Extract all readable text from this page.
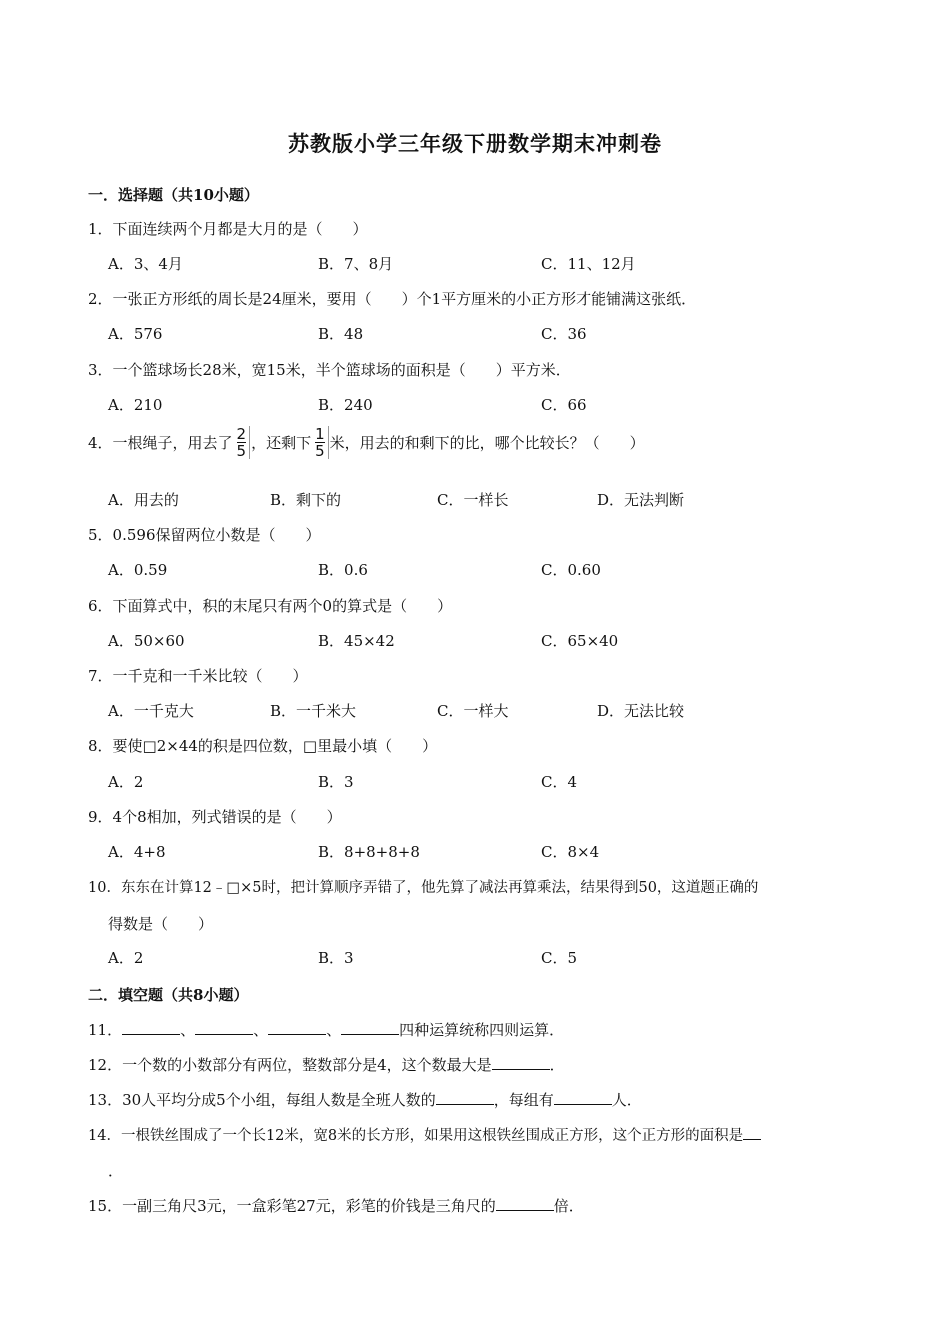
苏教版小学三年级下册数学期末冲刺卷
一．选择题（共10小题）
1．下面连续两个月都是大月的是（　　）
A．3、4月	B．7、8月	C．11、12月
2．一张正方形纸的周长是24厘米，要用（　　）个1平方厘米的小正方形才能铺满这张纸．
A．576	B．48	C．36
3．一个篮球场长28米，宽15米，半个篮球场的面积是（　　）平方米．
A．210	B．240	C．66
4．一根绳子，用去了 $\frac{2}{5}$ ，还剩下 $\frac{1}{5}$ 米，用去的和剩下的比，哪个比较长？（　　）
A．用去的	B．剩下的	C．一样长	D．无法判断
5．0.596保留两位小数是（　　）
A．0.59	B．0.6	C．0.60
6．下面算式中，积的末尾只有两个0的算式是（　　）
A．50×60	B．45×42	C．65×40
7．一千克和一千米比较（　　）
A．一千克大	B．一千米大	C．一样大	D．无法比较
8．要使□2×44的积是四位数，□里最小填（　　）
A．2	B．3	C．4
9．4个8相加，列式错误的是（　　）
A．4+8	B．8+8+8+8	C．8×4
10．东东在计算12﹣□×5时，把计算顺序弄错了，他先算了减法再算乘法，结果得到50，这道题正确的
得数是（　　）
A．2	B．3	C．5
二．填空题（共8小题）
11．	、	、	、	四种运算统称四则运算．
12．一个数的小数部分有两位，整数部分是4，这个数最大是	．
13．30人平均分成5个小组，每组人数是全班人数的	，每组有	人．
14．一根铁丝围成了一个长12米，宽8米的长方形，如果用这根铁丝围成正方形，这个正方形的面积是
．
15．一副三角尺3元，一盒彩笔27元，彩笔的价钱是三角尺的	倍．
